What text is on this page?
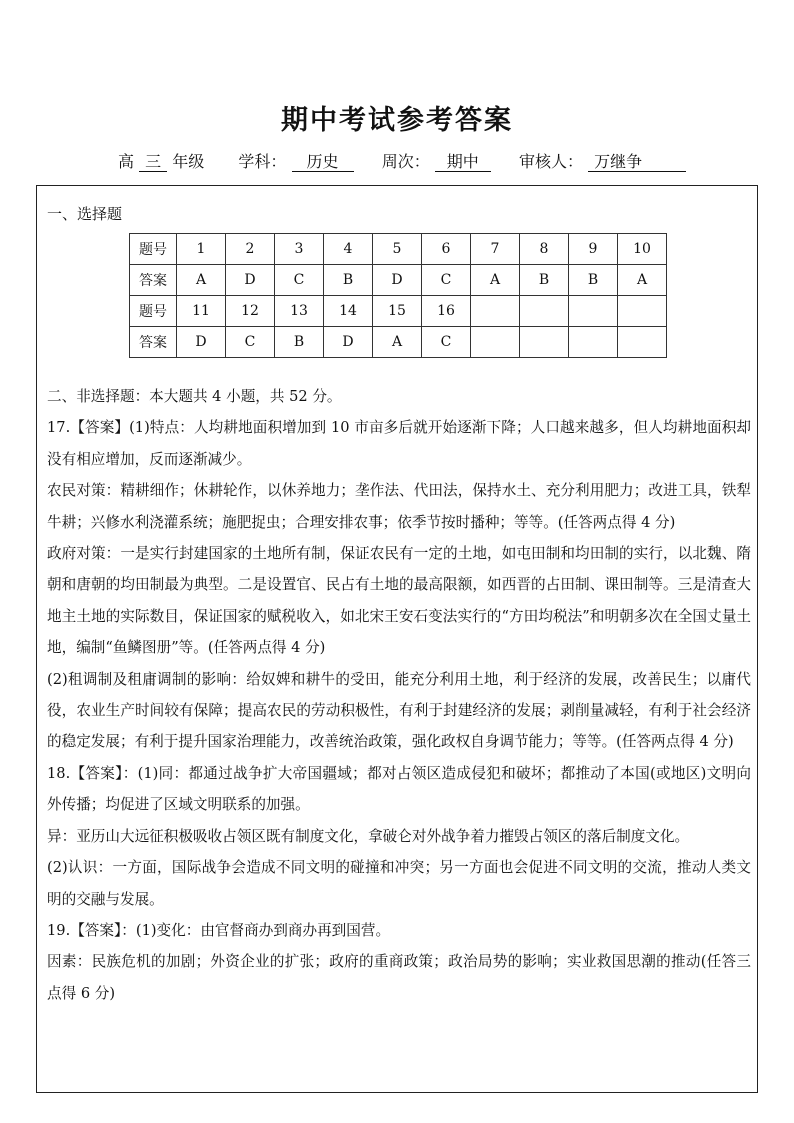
期中考试参考答案
高 三 年级 学科： 历史	周次： 期中	审核人： 万继争
一、选择题
题号	1	2	3	4	5	6	7	8	9	10
答案	A	D	C	B	D	C	A	B	B	A
题号	11	12	13	14	15	16				
答案	D	C	B	D	A	C				

二、非选择题：本大题共 4 小题，共 52 分。

17.【答案】(1)特点：人均耕地面积增加到 10 市亩多后就开始逐渐下降；人口越来越多，但人均耕地面积却没有相应增加，反而逐渐减少。

农民对策：精耕细作；休耕轮作，以休养地力；垄作法、代田法，保持水土、充分利用肥力；改进工具，铁犁牛耕；兴修水利浇灌系统；施肥捉虫；合理安排农事；依季节按时播种；等等。(任答两点得 4 分)

政府对策：一是实行封建国家的土地所有制，保证农民有一定的土地，如屯田制和均田制的实行，以北魏、隋朝和唐朝的均田制最为典型。二是设置官、民占有土地的最高限额，如西晋的占田制、课田制等。三是清查大地主土地的实际数目，保证国家的赋税收入，如北宋王安石变法实行的“方田均税法”和明朝多次在全国丈量土地，编制“鱼鳞图册”等。(任答两点得 4 分)

(2)租调制及租庸调制的影响：给奴婢和耕牛的受田，能充分利用土地，利于经济的发展，改善民生；以庸代役，农业生产时间较有保障；提高农民的劳动积极性，有利于封建经济的发展；剥削量减轻，有利于社会经济的稳定发展；有利于提升国家治理能力，改善统治政策，强化政权自身调节能力；等等。(任答两点得 4 分)

18.【答案】：(1)同：都通过战争扩大帝国疆域；都对占领区造成侵犯和破坏；都推动了本国(或地区)文明向外传播；均促进了区域文明联系的加强。

异：亚历山大远征积极吸收占领区既有制度文化，拿破仑对外战争着力摧毁占领区的落后制度文化。

(2)认识：一方面，国际战争会造成不同文明的碰撞和冲突；另一方面也会促进不同文明的交流，推动人类文明的交融与发展。

19.【答案】：(1)变化：由官督商办到商办再到国营。

因素：民族危机的加剧；外资企业的扩张；政府的重商政策；政治局势的影响；实业救国思潮的推动(任答三点得 6 分)
